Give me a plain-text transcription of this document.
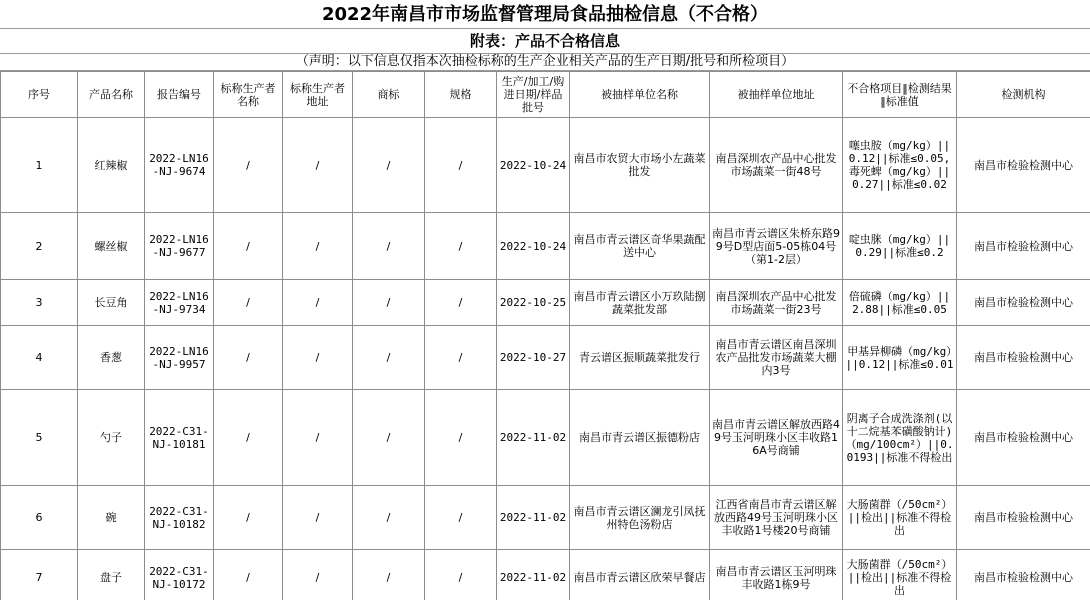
2022年南昌市市场监督管理局食品抽检信息（不合格）
附表：产品不合格信息
（声明：以下信息仅指本次抽检标称的生产企业相关产品的生产日期/批号和所检项目）
序号	产品名称	报告编号	标称生产者名称	标称生产者地址	商标	规格	生产/加工/购进日期/样品批号	被抽样单位名称	被抽样单位地址	不合格项目‖检测结果‖标准值	检测机构
1	红辣椒	2022-LN16-NJ-9674	/	/	/	/	2022-10-24	南昌市农贸大市场小左蔬菜批发	南昌深圳农产品中心批发市场蔬菜一街48号	噻虫胺（mg/kg）||0.12||标准≤0.05,毒死蜱（mg/kg）||0.27||标准≤0.02	南昌市检验检测中心
2	螺丝椒	2022-LN16-NJ-9677	/	/	/	/	2022-10-24	南昌市青云谱区奇华果蔬配送中心	南昌市青云谱区朱桥东路99号D型店面5-05栋04号（第1-2层）	啶虫脒（mg/kg）||0.29||标准≤0.2	南昌市检验检测中心
3	长豆角	2022-LN16-NJ-9734	/	/	/	/	2022-10-25	南昌市青云谱区小万玖陆捌蔬菜批发部	南昌深圳农产品中心批发市场蔬菜一街23号	倍硫磷（mg/kg）||2.88||标准≤0.05	南昌市检验检测中心
4	香葱	2022-LN16-NJ-9957	/	/	/	/	2022-10-27	青云谱区振顺蔬菜批发行	南昌市青云谱区南昌深圳农产品批发市场蔬菜大棚内3号	甲基异柳磷（mg/kg）||0.12||标准≤0.01	南昌市检验检测中心
5	勺子	2022-C31-NJ-10181	/	/	/	/	2022-11-02	南昌市青云谱区振德粉店	南昌市青云谱区解放西路49号玉河明珠小区丰收路16A号商铺	阴离子合成洗涤剂(以十二烷基苯磺酸钠计)（mg/100cm²）||0.0193||标准不得检出	南昌市检验检测中心
6	碗	2022-C31-NJ-10182	/	/	/	/	2022-11-02	南昌市青云谱区澜龙引凤抚州特色汤粉店	江西省南昌市青云谱区解放西路49号玉河明珠小区丰收路1号楼20号商铺	大肠菌群（/50cm²）||检出||标准不得检出	南昌市检验检测中心
7	盘子	2022-C31-NJ-10172	/	/	/	/	2022-11-02	南昌市青云谱区欣荣早餐店	南昌市青云谱区玉河明珠丰收路1栋9号	大肠菌群（/50cm²）||检出||标准不得检出	南昌市检验检测中心
